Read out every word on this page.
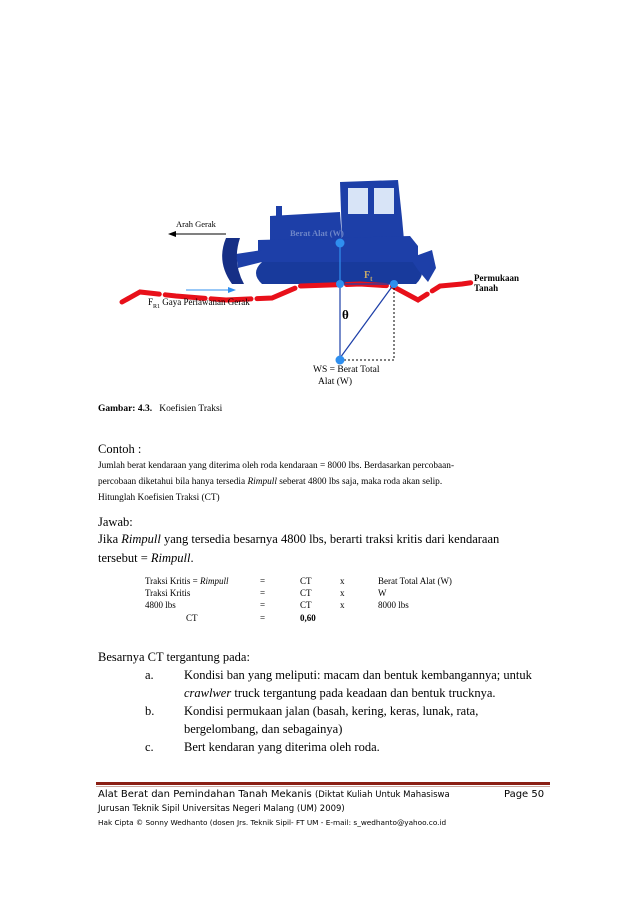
Arah Gerak
Berat Alat (W)
$F_t$	Permukaan
Tanah
$F_{R1}$ Gaya Perlawanan Gerak
θ
WS = Berat Total
Alat (W)
Gambar: 4.3. Koefisien Traksi
Contoh :
Jumlah berat kendaraan yang diterima oleh roda kendaraan = 8000 lbs. Berdasarkan percobaan-
percobaan diketahui bila hanya tersedia Rimpull seberat 4800 lbs saja, maka roda akan selip.
Hitunglah Koefisien Traksi (CT)
Jawab:
Jika Rimpull yang tersedia besarnya 4800 lbs, berarti traksi kritis dari kendaraan
tersebut = Rimpull.
Traksi Kritis = Rimpull	=	CT	x	Berat Total Alat (W)
Traksi Kritis	=	CT	x	W
4800 lbs	=	CT	x	8000 lbs
CT	=	0,60
Besarnya CT tergantung pada:
a. Kondisi ban yang meliputi: macam dan bentuk kembangannya; untuk
crawlwer truck tergantung pada keadaan dan bentuk trucknya.
b. Kondisi permukaan jalan (basah, kering, keras, lunak, rata,
bergelombang, dan sebagainya)
c. Bert kendaran yang diterima oleh roda.
Alat Berat dan Pemindahan Tanah Mekanis (Diktat Kuliah Untuk Mahasiswa	Page 50
Jurusan Teknik Sipil Universitas Negeri Malang (UM) 2009)
Hak Cipta © Sonny Wedhanto (dosen Jrs. Teknik Sipil- FT UM - E-mail: s_wedhanto@yahoo.co.id
